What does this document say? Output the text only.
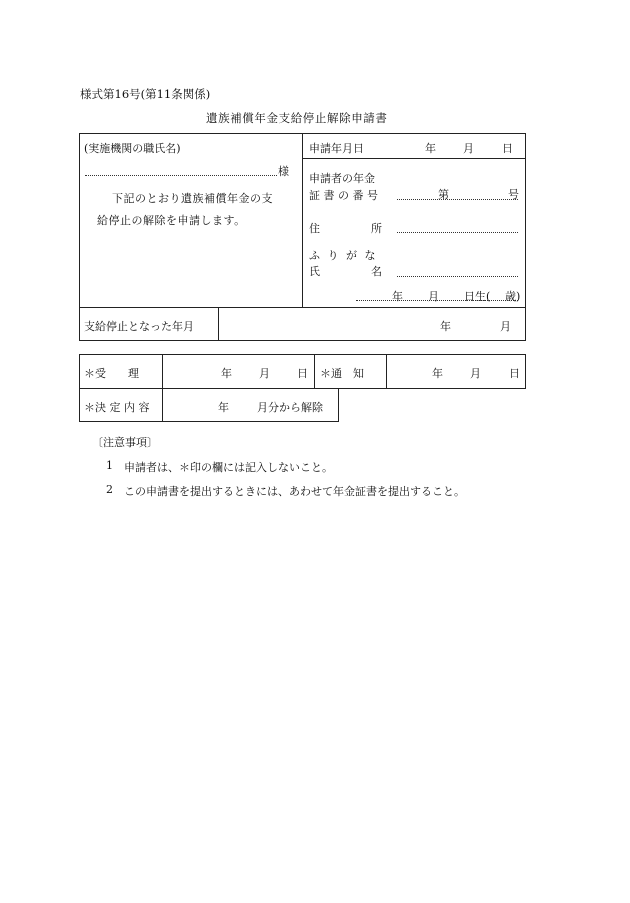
様式第16号(第11条関係)
遺族補償年金支給停止解除申請書
(実施機関の職氏名)
様
下記のとおり遺族補償年金の支
給停止の解除を申請します。
申請年月日	年 月	日
申請者の年金
証 書 の 番 号	第	号
住	所
ふ り が な
氏	名
年 月 日生( 歳)
支給停止となった年月	年	月
＊受　　理	年 月 日 ＊通　知	年 月	日
＊決 定 内 容	年	月分から解除
〔注意事項〕
1 申請者は、＊印の欄には記入しないこと。
2 この申請書を提出するときには、あわせて年金証書を提出すること。
